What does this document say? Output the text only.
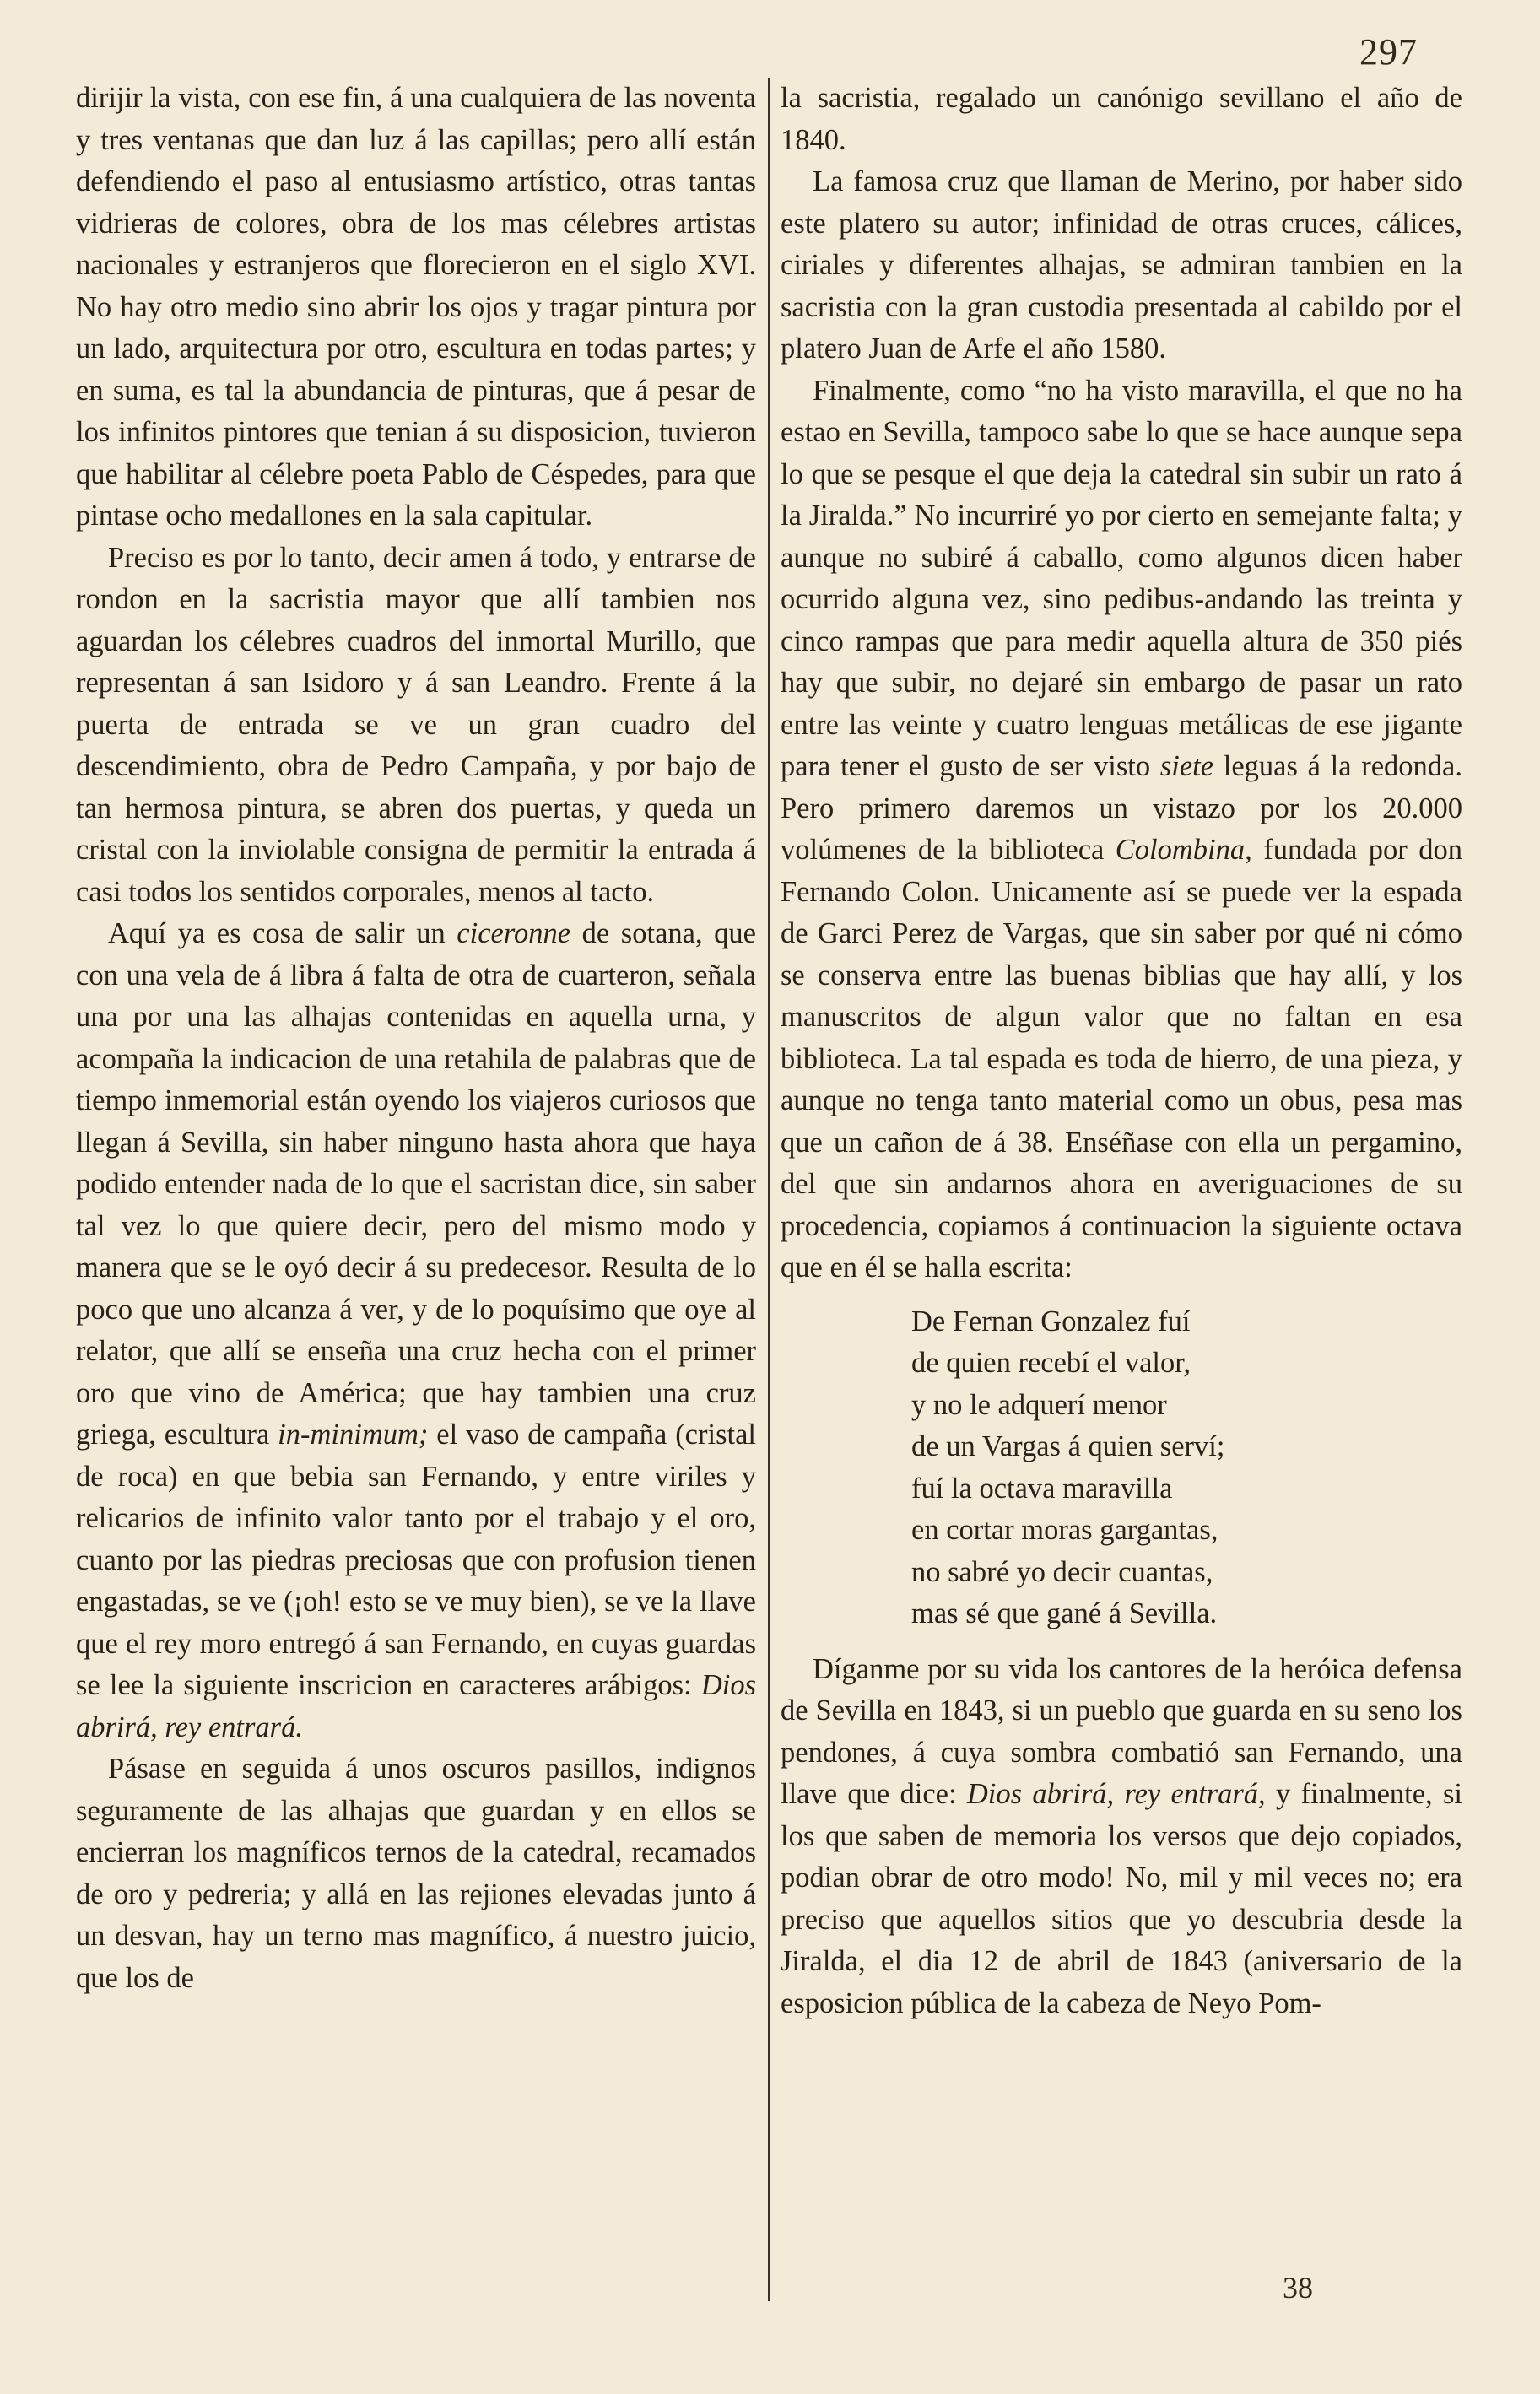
297

dirijir la vista, con ese fin, á una cualquiera de las noventa y tres ventanas que dan luz á las capillas; pero allí están defendiendo el paso al entusiasmo artístico, otras tantas vidrieras de colores, obra de los mas célebres artistas nacionales y estranjeros que florecieron en el siglo XVI. No hay otro medio sino abrir los ojos y tragar pintura por un lado, arquitectura por otro, escultura en todas partes; y en suma, es tal la abundancia de pinturas, que á pesar de los infinitos pintores que tenian á su disposicion, tuvieron que habilitar al célebre poeta Pablo de Céspedes, para que pintase ocho medallones en la sala capitular.

Preciso es por lo tanto, decir amen á todo, y entrarse de rondon en la sacristia mayor que allí tambien nos aguardan los célebres cuadros del inmortal Murillo, que representan á san Isidoro y á san Leandro. Frente á la puerta de entrada se ve un gran cuadro del descendimiento, obra de Pedro Campaña, y por bajo de tan hermosa pintura, se abren dos puertas, y queda un cristal con la inviolable consigna de permitir la entrada á casi todos los sentidos corporales, menos al tacto.

Aquí ya es cosa de salir un ciceronne de sotana, que con una vela de á libra á falta de otra de cuarteron, señala una por una las alhajas contenidas en aquella urna, y acompaña la indicacion de una retahila de palabras que de tiempo inmemorial están oyendo los viajeros curiosos que llegan á Sevilla, sin haber ninguno hasta ahora que haya podido entender nada de lo que el sacristan dice, sin saber tal vez lo que quiere decir, pero del mismo modo y manera que se le oyó decir á su predecesor. Resulta de lo poco que uno alcanza á ver, y de lo poquísimo que oye al relator, que allí se enseña una cruz hecha con el primer oro que vino de América; que hay tambien una cruz griega, escultura in-minimum; el vaso de campaña (cristal de roca) en que bebia san Fernando, y entre viriles y relicarios de infinito valor tanto por el trabajo y el oro, cuanto por las piedras preciosas que con profusion tienen engastadas, se ve (¡oh! esto se ve muy bien), se ve la llave que el rey moro entregó á san Fernando, en cuyas guardas se lee la siguiente inscricion en caracteres arábigos: Dios abrirá, rey entrará.

Pásase en seguida á unos oscuros pasillos, indignos seguramente de las alhajas que guardan y en ellos se encierran los magníficos ternos de la catedral, recamados de oro y pedreria; y allá en las rejiones elevadas junto á un desvan, hay un terno mas magnífico, á nuestro juicio, que los de

la sacristia, regalado un canónigo sevillano el año de 1840.

La famosa cruz que llaman de Merino, por haber sido este platero su autor; infinidad de otras cruces, cálices, ciriales y diferentes alhajas, se admiran tambien en la sacristia con la gran custodia presentada al cabildo por el platero Juan de Arfe el año 1580.

Finalmente, como “no ha visto maravilla, el que no ha estao en Sevilla, tampoco sabe lo que se hace aunque sepa lo que se pesque el que deja la catedral sin subir un rato á la Jiralda.” No incurriré yo por cierto en semejante falta; y aunque no subiré á caballo, como algunos dicen haber ocurrido alguna vez, sino pedibus-andando las treinta y cinco rampas que para medir aquella altura de 350 piés hay que subir, no dejaré sin embargo de pasar un rato entre las veinte y cuatro lenguas metálicas de ese jigante para tener el gusto de ser visto siete leguas á la redonda. Pero primero daremos un vistazo por los 20.000 volúmenes de la biblioteca Colombina, fundada por don Fernando Colon. Unicamente así se puede ver la espada de Garci Perez de Vargas, que sin saber por qué ni cómo se conserva entre las buenas biblias que hay allí, y los manuscritos de algun valor que no faltan en esa biblioteca. La tal espada es toda de hierro, de una pieza, y aunque no tenga tanto material como un obus, pesa mas que un cañon de á 38. Enséñase con ella un pergamino, del que sin andarnos ahora en averiguaciones de su procedencia, copiamos á continuacion la siguiente octava que en él se halla escrita:

De Fernan Gonzalez fuí
de quien recebí el valor,
y no le adquerí menor
de un Vargas á quien serví;
fuí la octava maravilla
en cortar moras gargantas,
no sabré yo decir cuantas,
mas sé que gané á Sevilla.

Díganme por su vida los cantores de la heróica defensa de Sevilla en 1843, si un pueblo que guarda en su seno los pendones, á cuya sombra combatió san Fernando, una llave que dice: Dios abrirá, rey entrará, y finalmente, si los que saben de memoria los versos que dejo copiados, podian obrar de otro modo! No, mil y mil veces no; era preciso que aquellos sitios que yo descubria desde la Jiralda, el dia 12 de abril de 1843 (aniversario de la esposicion pública de la cabeza de Neyo Pom-

38
